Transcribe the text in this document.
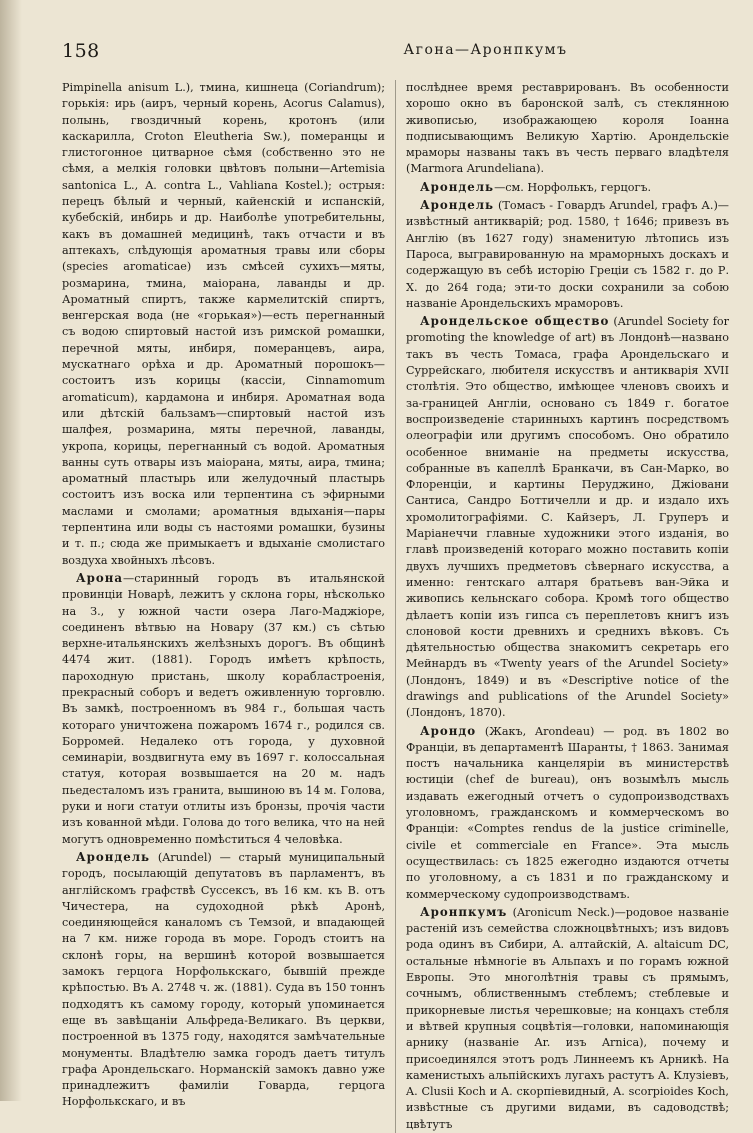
158	Агона—Аронпкумъ

Pimpinella anisum L.), тмина, кишнеца (Coriandrum); горькія: ирь (аиръ, черный корень, Acorus Calamus), полынь, гвоздичный корень, кротонъ (или каскарилла, Croton Eleutheria Sw.), померанцы и глистогонное цитварное сѣмя (собственно это не сѣмя, а мелкія головки цвѣтовъ полыни—Artemisia santonica L., A. contra L., Vahliana Kostel.); острыя: перецъ бѣлый и черный, кайенскій и испанскій, кубебскій, инбирь и др. Наиболѣе употребительны, какъ въ домашней медицинѣ, такъ отчасти и въ аптекахъ, слѣдующія ароматныя травы или сборы (species aromaticae) изъ смѣсей сухихъ—мяты, розмарина, тмина, маіорана, лаванды и др. Ароматный спиртъ, также кармелитскій спиртъ, венгерская вода (не «горькая»)—есть перегнанный съ водою спиртовый настой изъ римской ромашки, перечной мяты, инбиря, померанцевъ, аира, мускатнаго орѣха и др. Ароматный порошокъ—состоитъ изъ корицы (кассіи, Cinnamomum aromaticum), кардамона и инбиря. Ароматная вода или дѣтскій бальзамъ—спиртовый настой изъ шалфея, розмарина, мяты перечной, лаванды, укропа, корицы, перегнанный съ водой. Ароматныя ванны суть отвары изъ маіорана, мяты, аира, тмина; ароматный пластырь или желудочный пластырь состоитъ изъ воска или терпентина съ эфирными маслами и смолами; ароматныя вдыханія—пары терпентина или воды съ настоями ромашки, бузины и т. п.; сюда же примыкаетъ и вдыханіе смолистаго воздуха хвойныхъ лѣсовъ.

Арона—старинный городъ въ итальянской провинціи Новарѣ, лежитъ у склона горы, нѣсколько на З., у южной части озера Лаго-Маджіоре, соединенъ вѣтвью на Новару (37 км.) съ сѣтью верхне-итальянскихъ желѣзныхъ дорогъ. Въ общинѣ 4474 жит. (1881). Городъ имѣетъ крѣпость, пароходную пристань, школу корабластроенія, прекрасный соборъ и ведетъ оживленную торговлю. Въ замкѣ, построенномъ въ 984 г., большая часть котораго уничтожена пожаромъ 1674 г., родился св. Борромей. Недалеко отъ города, у духовной семинаріи, воздвигнута ему въ 1697 г. колоссальная статуя, которая возвышается на 20 м. надъ пьедесталомъ изъ гранита, вышиною въ 14 м. Голова, руки и ноги статуи отлиты изъ бронзы, прочія части изъ кованной мѣди. Голова до того велика, что на ней могутъ одновременно помѣститься 4 человѣка.

Арондель (Arundel) — старый муниципальный городъ, посылающій депутатовъ въ парламентъ, въ англійскомъ графствѣ Суссексъ, въ 16 км. къ В. отъ Чичестера, на судоходной рѣкѣ Аронѣ, соединяющейся каналомъ съ Темзой, и впадающей на 7 км. ниже города въ море. Городъ стоитъ на склонѣ горы, на вершинѣ которой возвышается замокъ герцога Норфолькскаго, бывшій прежде крѣпостью. Въ А. 2748 ч. ж. (1881). Суда въ 150 тоннъ подходятъ къ самому городу, который упоминается еще въ завѣщаніи Альфреда-Великаго. Въ церкви, построенной въ 1375 году, находятся замѣчательные монументы. Владѣтелю замка городъ даетъ титулъ графа Арондельскаго. Норманскій замокъ давно уже принадлежитъ фамиліи Говарда, герцога Норфолькскаго, и въ

послѣднее время реставрированъ. Въ особенности хорошо окно въ баронской залѣ, съ стеклянною живописью, изображающею короля Іоанна подписывающимъ Великую Хартію. Арондельскіе мраморы названы такъ въ честь перваго владѣтеля (Marmora Arundeliana).

Арондель—см. Норфолькъ, герцогъ.

Арондель (Томасъ - Говардъ Arundel, графъ А.)—извѣстный антикварій; род. 1580, † 1646; привезъ въ Англію (въ 1627 году) знаменитую лѣтопись изъ Пароса, выгравированную на мраморныхъ доскахъ и содержащую въ себѣ исторію Греціи съ 1582 г. до Р. Х. до 264 года; эти-то доски сохранили за собою названіе Арондельскихъ мраморовъ.

Арондельское общество (Arundel Society for promoting the knowledge of art) въ Лондонѣ—названо такъ въ честь Томаса, графа Арондельскаго и Суррейскаго, любителя искусствъ и антикварія XVII столѣтія. Это общество, имѣющее членовъ своихъ и за-границей Англіи, основано съ 1849 г. богатое воспроизведеніе старинныхъ картинъ посредствомъ олеографіи или другимъ способомъ. Оно обратило особенное вниманіе на предметы искусства, собранные въ капеллѣ Бранкачи, въ Сан-Марко, во Флоренціи, и картины Перуджино, Джіовани Сантиса, Сандро Боттичелли и др. и издало ихъ хромолитографіями. С. Кайзеръ, Л. Груперъ и Маріанеччи главные художники этого изданія, во главѣ произведеній котораго можно поставить копіи двухъ лучшихъ предметовъ сѣвернаго искусства, а именно: гентскаго алтаря братьевъ ван-Эйка и живопись кельнскаго собора. Кромѣ того общество дѣлаетъ копіи изъ гипса съ переплетовъ книгъ изъ слоновой кости древнихъ и среднихъ вѣковъ. Съ дѣятельностью общества знакомитъ секретарь его Мейнардъ въ «Twenty years of the Arundel Society» (Лондонъ, 1849) и въ «Descriptive notice of the drawings and publications of the Arundel Society» (Лондонъ, 1870).

Арондо (Жакъ, Arondeau) — род. въ 1802 во Франціи, въ департаментѣ Шаранты, † 1863. Занимая постъ начальника канцеляріи въ министерствѣ юстиціи (chef de bureau), онъ возымѣлъ мысль издавать ежегодный отчетъ о судопроизводствахъ уголовномъ, гражданскомъ и коммерческомъ во Франціи: «Comptes rendus de la justice criminelle, civile et commerciale en France». Эта мысль осуществилась: съ 1825 ежегодно издаются отчеты по уголовному, а съ 1831 и по гражданскому и коммерческому судопроизводствамъ.

Аронпкумъ (Aronicum Neck.)—родовое названіе растеній изъ семейства сложноцвѣтныхъ; изъ видовъ рода одинъ въ Сибири, A. алтайскій, A. altaicum DC, остальные нѣмногіе въ Альпахъ и по горамъ южной Европы. Это многолѣтнія травы съ прямымъ, сочнымъ, облиственнымъ стеблемъ; стеблевые и прикорневые листья черешковые; на концахъ стебля и вѣтвей крупныя соцвѣтія—головки, напоминающія арнику (названіе Ar. изъ Arnica), почему и присоединялся этотъ родъ Линнеемъ къ Арникѣ. На каменистыхъ альпійскихъ лугахъ растутъ A. Клузіевъ, A. Clusii Koch и A. скорпіевидный, A. scorpioides Koch, извѣстные съ другими видами, въ садоводствѣ; цвѣтутъ
